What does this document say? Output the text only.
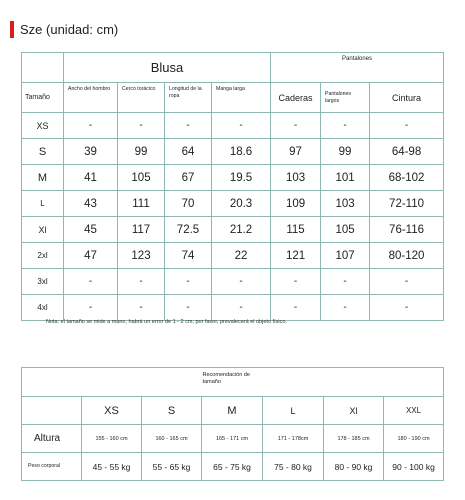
Sze (unidad: cm)
	Blusa				Pantalones		
Tamaño	Ancho del hombro	Cerco torácico	Longitud de la ropa	Manga larga	Caderas	Pantalones largos	Cintura
XS	-	-	-	-	-	-	-
S	39	99	64	18.6	97	99	64-98
M	41	105	67	19.5	103	101	68-102
L	43	111	70	20.3	109	103	72-110
Xl	45	117	72.5	21.2	115	105	76-116
2xl	47	123	74	22	121	107	80-120
3xl	-	-	-	-	-	-	-
4xl	-	-	-	-	-	-	-
Nota: el tamaño se mide a mano, habrá un error de 1 - 2 cm, por favor, prevalecerá el objeto físico.
Recomendación de tamaño						

	XS	S	M	L	Xl	XXL
Altura	155 - 160 cm	160 - 165 cm	165 - 171 cm	171 - 178cm	178 - 185 cm	180 - 190 cm
Peso corporal	45 - 55 kg	55 - 65 kg	65 - 75 kg	75 - 80 kg	80 - 90 kg	90 - 100 kg
